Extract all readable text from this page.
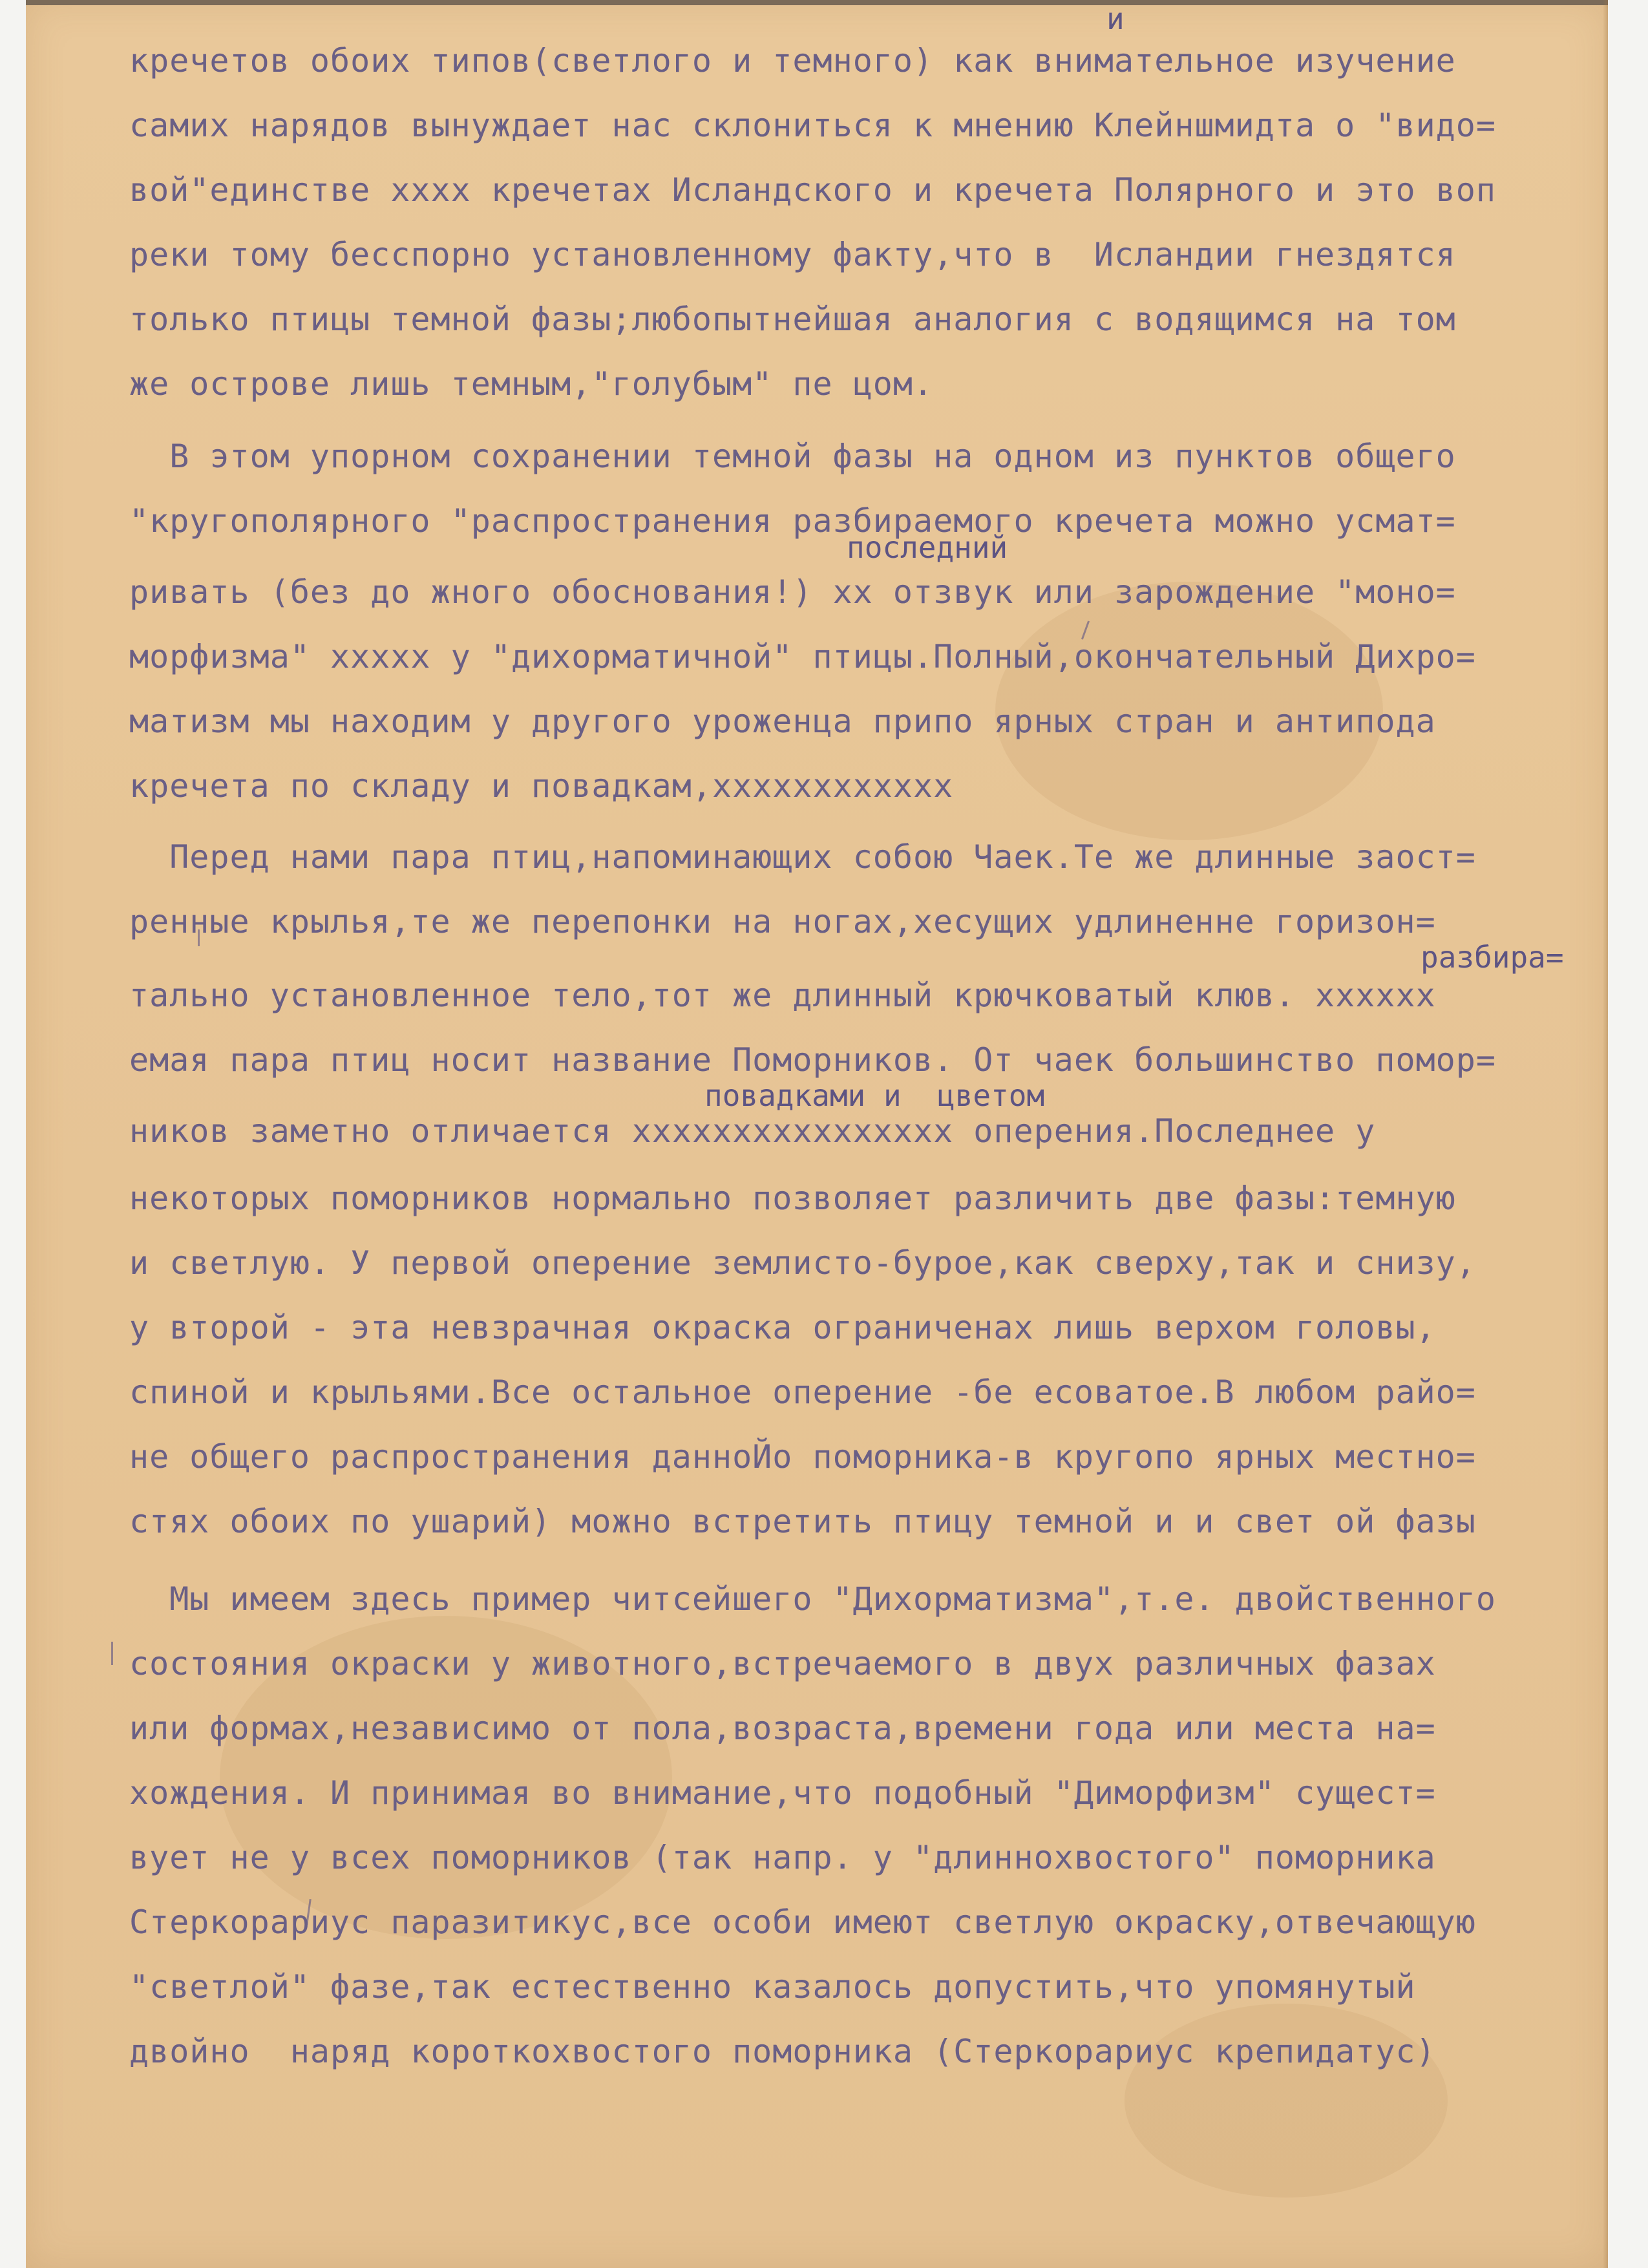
и
последний
разбира=
повадками и  цветом
кречетов обоих типов(светлого и темного) как внимательное изучение
самих нарядов вынуждает нас склониться к мнению Клейншмидта о "видо=
вой"единстве xxxx кречетаx Исландского и кречета Полярного и это воп
реки тому бесспорно установленному факту,что в  Исландии гнездятся
только птицы темной фазы;любопытнейшая аналогия с водящимся на том
же острове лишь темным,"голубым" пе цом.
В этом упорном сохранении темной фазы на одном из пунктов общего
"кругополярного "распространения разбираемого кречета можно усмат=
ривать (без до жного обоснования!) xx отзвук или зарождение "моно=
морфизма" xxxxx у "дихорматичной" птицы.Полный,окончательный Дихро=
матизм мы находим у другого уроженца припо ярных стран и антипода
кречета по складу и повадкам,xxxxxxxxxxxx
Перед нами пара птиц,напоминающих собою Чаек.Те же длинные заост=
ренные крылья,те же перепонки на ногах,xесущих удлиненне горизон=
тально установленное тело,тот же длинный крючковатый клюв. xxxxxx
емая пара птиц носит название Поморников. От чаек большинство помор=
ников заметно отличается xxxxxxxxxxxxxxxx оперения.Последнее у
некоторых поморников нормально позволяет различить две фазы:темную
и светлую. У первой оперение землисто-бурое,как сверху,так и снизу,
у второй - эта невзрачная окраска ограниченаx лишь верхом головы,
спиной и крыльями.Все остальное оперение -бе есоватое.В любом райо=
не общего распространения данноЙо поморника-в кругопо ярных местно=
стях обоих по ушарий) можно встретить птицу темной и и свет ой фазы
Мы имеем здесь пример читсейшего "Дихорматизма",т.е. двойственного
состояния окраски у животного,встречаемого в двух различных фазах
или формах,независимо от пола,возраста,времени года или места на=
хождения. И принимая во внимание,что подобный "Диморфизм" сущест=
вует не у всех поморников (так напр. у "длиннохвостого" поморника
Стеркорариус паразитикус,все особи имеют светлую окраску,отвечающую
"светлой" фазе,так естественно казалось допустить,что упомянутый
двойно  наряд короткохвостого поморника (Стеркорариус крепидатус)
